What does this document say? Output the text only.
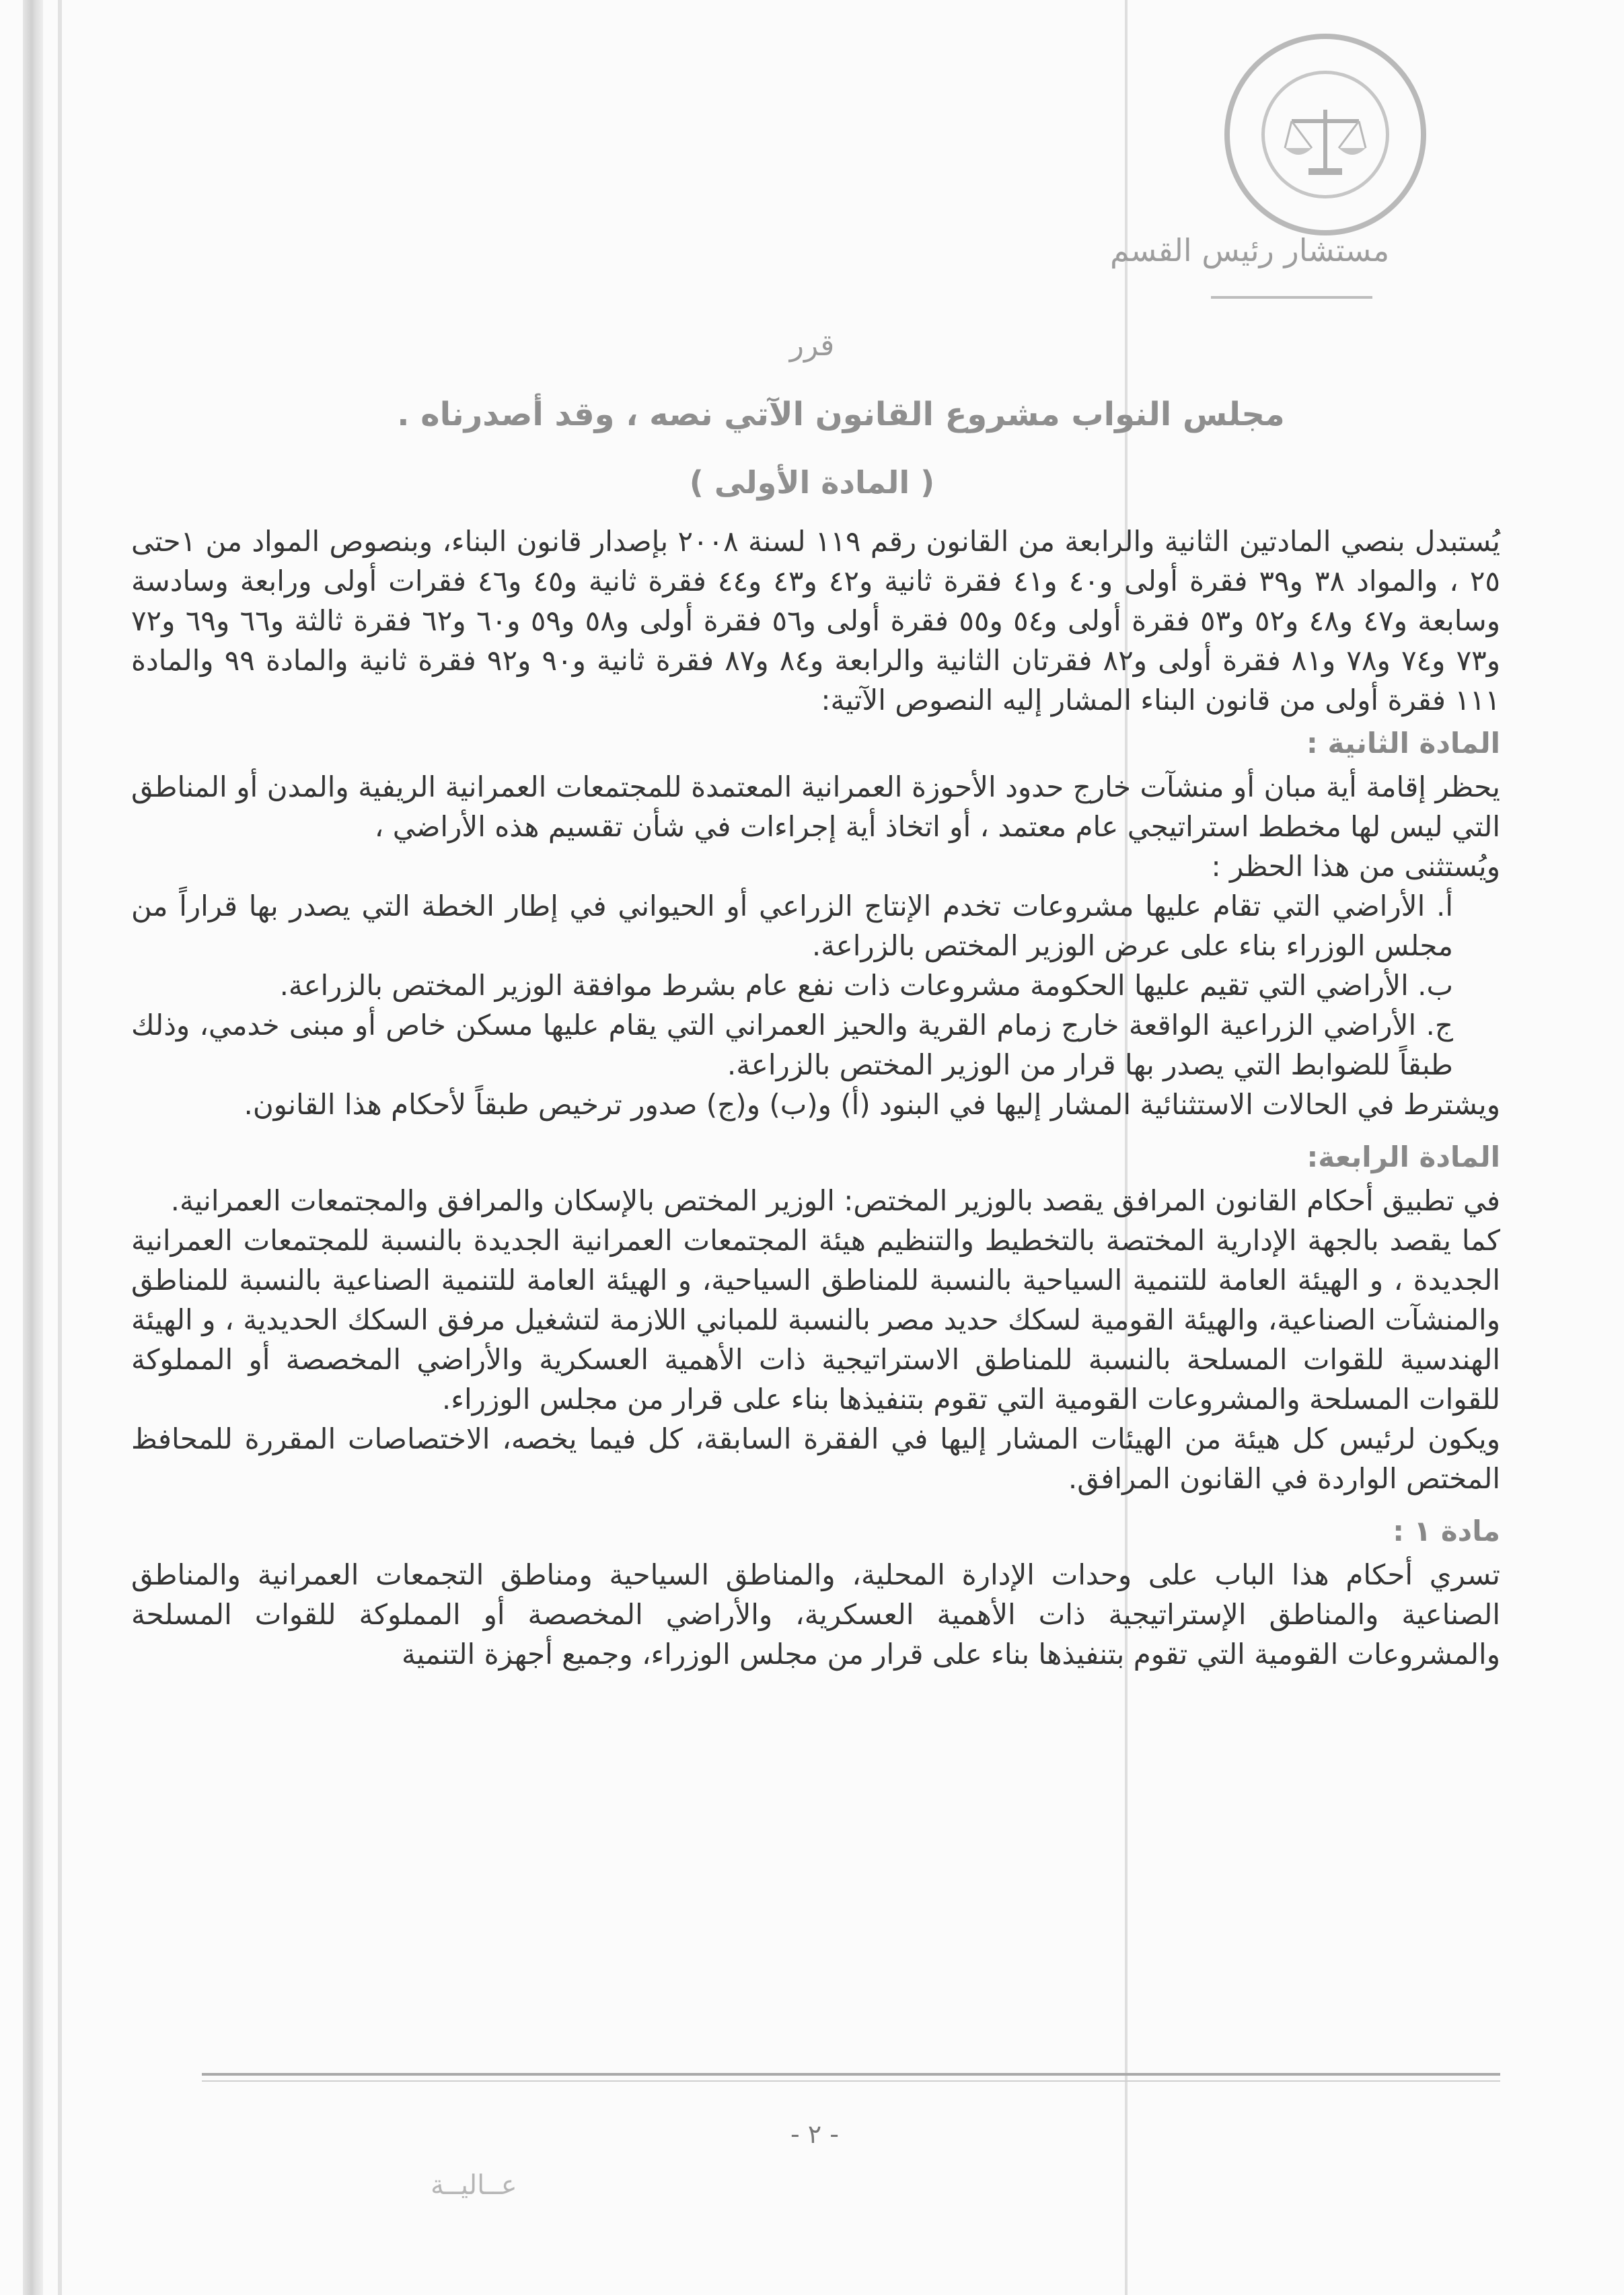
مستشار رئيس القسم
قرر
مجلس النواب مشروع القانون الآتي نصه ، وقد أصدرناه .
( المادة الأولى )

يُستبدل بنصي المادتين الثانية والرابعة من القانون رقم ١١٩ لسنة ٢٠٠٨ بإصدار قانون البناء، وبنصوص المواد من ١حتى ٢٥ ، والمواد ٣٨ و٣٩ فقرة أولى و٤٠ و٤١ فقرة ثانية و٤٢ و٤٣ و٤٤ فقرة ثانية و٤٥ و٤٦ فقرات أولى ورابعة وسادسة وسابعة و٤٧ و٤٨ و٥٢ و٥٣ فقرة أولى و٥٤ و٥٥ فقرة أولى و٥٦ فقرة أولى و٥٨ و٥٩ و٦٠ و٦٢ فقرة ثالثة و٦٦ و٦٩ و٧٢ و٧٣ و٧٤ و٧٨ و٨١ فقرة أولى و٨٢ فقرتان الثانية والرابعة و٨٤ و٨٧ فقرة ثانية و٩٠ و٩٢ فقرة ثانية والمادة ٩٩ والمادة ١١١ فقرة أولى من قانون البناء المشار إليه النصوص الآتية:

المادة الثانية :

يحظر إقامة أية مبان أو منشآت خارج حدود الأحوزة العمرانية المعتمدة للمجتمعات العمرانية الريفية والمدن أو المناطق التي ليس لها مخطط استراتيجي عام معتمد ، أو اتخاذ أية إجراءات في شأن تقسيم هذه الأراضي ،

ويُستثنى من هذا الحظر :

أ. الأراضي التي تقام عليها مشروعات تخدم الإنتاج الزراعي أو الحيواني في إطار الخطة التي يصدر بها قراراً من مجلس الوزراء بناء على عرض الوزير المختص بالزراعة.

ب. الأراضي التي تقيم عليها الحكومة مشروعات ذات نفع عام بشرط موافقة الوزير المختص بالزراعة.

ج. الأراضي الزراعية الواقعة خارج زمام القرية والحيز العمراني التي يقام عليها مسكن خاص أو مبنى خدمي، وذلك طبقاً للضوابط التي يصدر بها قرار من الوزير المختص بالزراعة.

ويشترط في الحالات الاستثنائية المشار إليها في البنود (أ) و(ب) و(ج) صدور ترخيص طبقاً لأحكام هذا القانون.

المادة الرابعة:

في تطبيق أحكام القانون المرافق يقصد بالوزير المختص: الوزير المختص بالإسكان والمرافق والمجتمعات العمرانية.

كما يقصد بالجهة الإدارية المختصة بالتخطيط والتنظيم هيئة المجتمعات العمرانية الجديدة بالنسبة للمجتمعات العمرانية الجديدة ، و الهيئة العامة للتنمية السياحية بالنسبة للمناطق السياحية، و الهيئة العامة للتنمية الصناعية بالنسبة للمناطق والمنشآت الصناعية، والهيئة القومية لسكك حديد مصر بالنسبة للمباني اللازمة لتشغيل مرفق السكك الحديدية ، و الهيئة الهندسية للقوات المسلحة بالنسبة للمناطق الاستراتيجية ذات الأهمية العسكرية والأراضي المخصصة أو المملوكة للقوات المسلحة والمشروعات القومية التي تقوم بتنفيذها بناء على قرار من مجلس الوزراء.

ويكون لرئيس كل هيئة من الهيئات المشار إليها في الفقرة السابقة، كل فيما يخصه، الاختصاصات المقررة للمحافظ المختص الواردة في القانون المرافق.

مادة ١ :

تسري أحكام هذا الباب على وحدات الإدارة المحلية، والمناطق السياحية ومناطق التجمعات العمرانية والمناطق الصناعية والمناطق الإستراتيجية ذات الأهمية العسكرية، والأراضي المخصصة أو المملوكة للقوات المسلحة والمشروعات القومية التي تقوم بتنفيذها بناء على قرار من مجلس الوزراء، وجميع أجهزة التنمية

- ٢ -
عــاليــة
